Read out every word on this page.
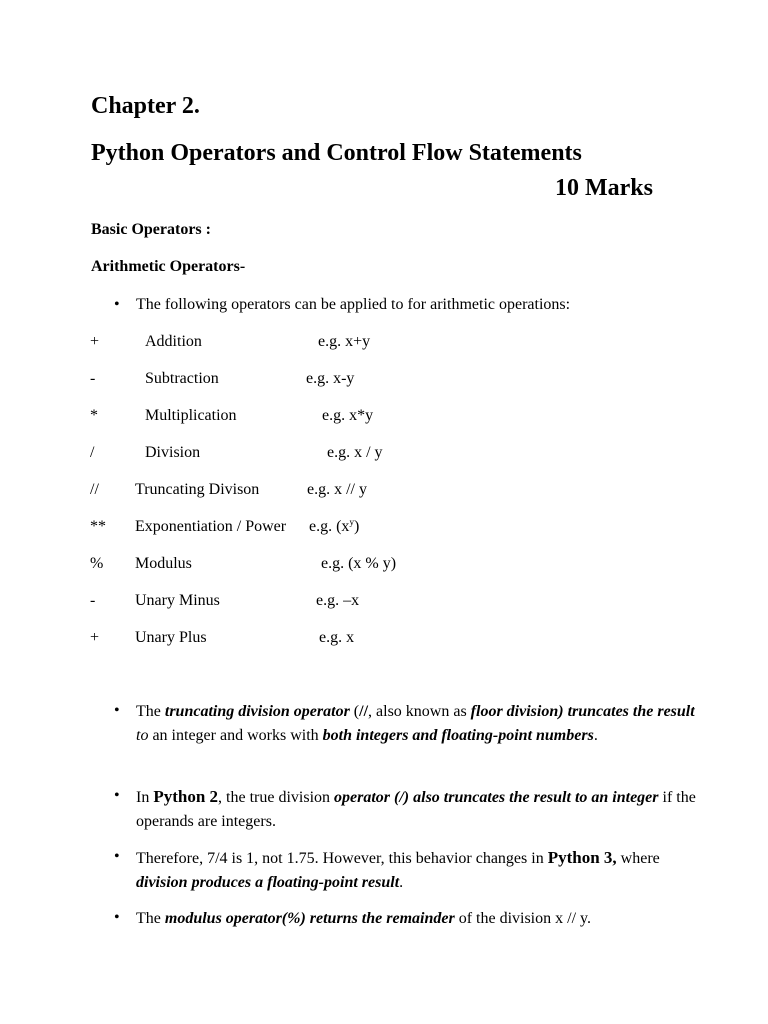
Chapter 2.
Python Operators and Control Flow Statements
10 Marks
Basic Operators :
Arithmetic Operators-
• The following operators can be applied to for arithmetic operations:
+	Addition	e.g. x+y
-	Subtraction	e.g. x-y
*	Multiplication	e.g. x*y
/	Division	e.g. x / y
// Truncating Divison	e.g. x // y
** Exponentiation / Power e.g. $(x^y)$
% Modulus	e.g. (x % y)
- Unary Minus	e.g. –x
+ Unary Plus	e.g. x
• The truncating division operator (//, also known as floor division) truncates the result to an integer and works with both integers and floating-point numbers.
• In Python 2, the true division operator (/) also truncates the result to an integer if the operands are integers.
• Therefore, 7/4 is 1, not 1.75. However, this behavior changes in Python 3, where division produces a floating-point result.
• The modulus operator(%) returns the remainder of the division x // y.
